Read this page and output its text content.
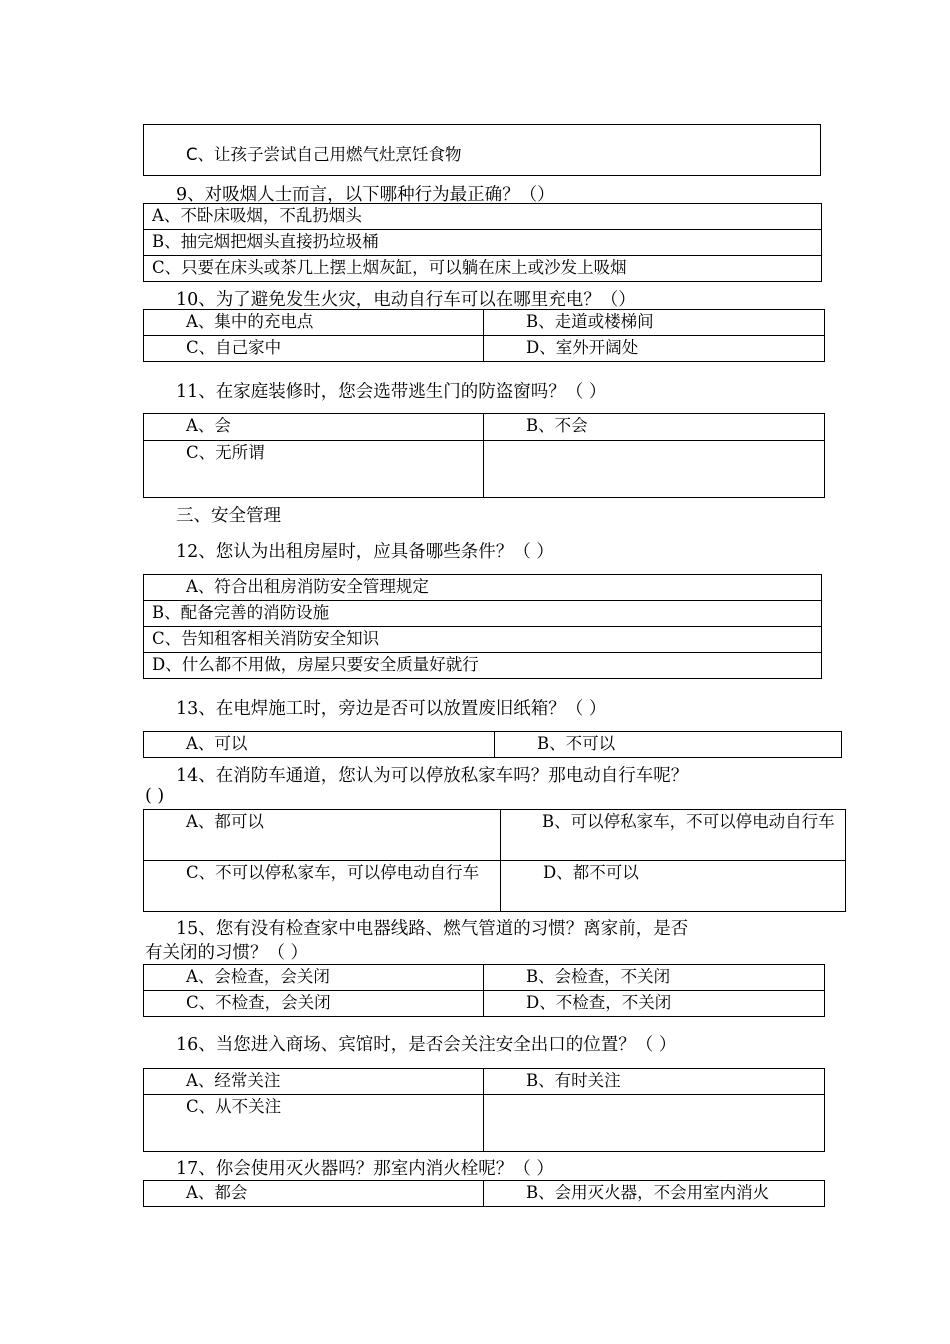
C、让孩子尝试自己用燃气灶烹饪食物
9、对吸烟人士而言，以下哪种行为最正确？（）
A、不卧床吸烟，不乱扔烟头
B、抽完烟把烟头直接扔垃圾桶
C、只要在床头或茶几上摆上烟灰缸，可以躺在床上或沙发上吸烟
10、为了避免发生火灾，电动自行车可以在哪里充电？（）
A、集中的充电点	B、走道或楼梯间
C、自己家中	D、室外开阔处
11、在家庭装修时，您会选带逃生门的防盗窗吗？（ ）
A、会	B、不会
C、无所谓	
三、安全管理
12、您认为出租房屋时，应具备哪些条件？（ ）
A、符合出租房消防安全管理规定
B、配备完善的消防设施
C、告知租客相关消防安全知识
D、什么都不用做，房屋只要安全质量好就行
13、在电焊施工时，旁边是否可以放置废旧纸箱？（ ）
A、可以	B、不可以
14、在消防车通道，您认为可以停放私家车吗？那电动自行车呢？
( )
A、都可以	B、可以停私家车，不可以停电动自行车
C、不可以停私家车，可以停电动自行车	D、都不可以
15、您有没有检查家中电器线路、燃气管道的习惯？离家前，是否
有关闭的习惯？（ ）
A、会检查，会关闭	B、会检查，不关闭
C、不检查，会关闭	D、不检查，不关闭
16、当您进入商场、宾馆时，是否会关注安全出口的位置？（ ）
A、经常关注	B、有时关注
C、从不关注	
17、你会使用灭火器吗？那室内消火栓呢？（ ）
A、都会	B、会用灭火器，不会用室内消火
